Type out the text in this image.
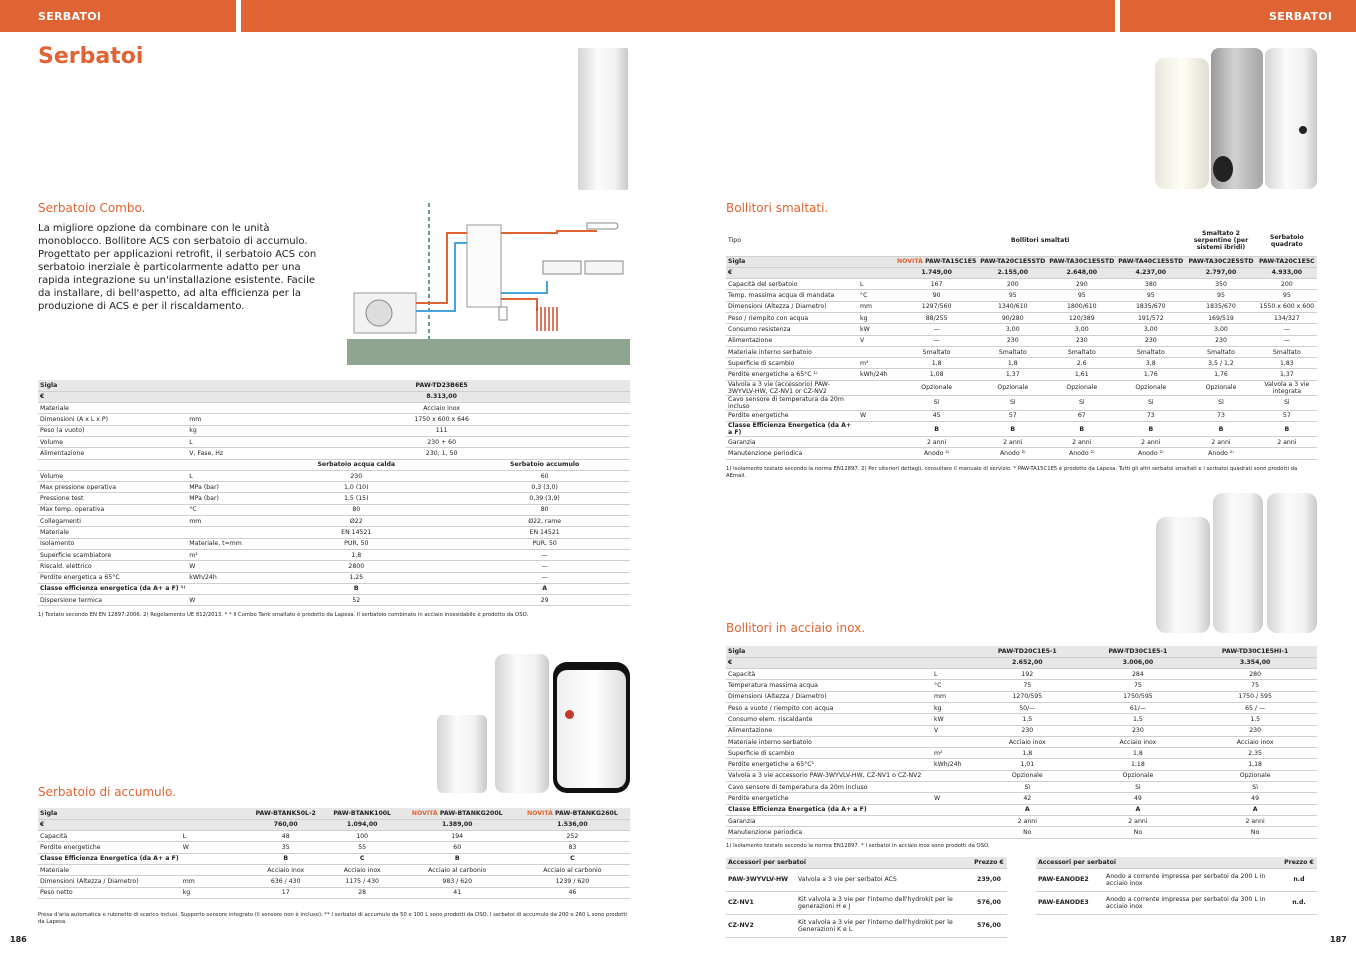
SERBATOI	SERBATOI
Serbatoi
Serbatoio Combo.
La migliore opzione da combinare con le unità monoblocco. Bollitore ACS con serbatoio di accumulo. Progettato per applicazioni retrofit, il serbatoio ACS con serbatoio inerziale è particolarmente adatto per una rapida integrazione su un'installazione esistente. Facile da installare, di bell'aspetto, ad alta efficienza per la produzione di ACS e per il riscaldamento.
Sigla		PAW-TD23B6E5	
€		8.313,00	
Materiale		Acciaio inox	
Dimensioni (A x L x P)	mm	1750 x 600 x 646	
Peso (a vuoto)	kg	111	
Volume	L	230 + 60	
Alimentazione	V, Fase, Hz	230, 1, 50	
		Serbatoio acqua calda	Serbatoio accumulo
Volume	L	230	60
Max pressione operativa	MPa (bar)	1,0 (10)	0,3 (3,0)
Pressione test	MPa (bar)	1,5 (15)	0,39 (3,9)
Max temp. operativa	°C	80	80
Collegamenti	mm	Ø22	Ø22, rame
Materiale		EN 14521	EN 14521
Isolamento	Materiale, t=mm	PUR, 50	PUR, 50
Superficie scambiatore	m²	1,8	—
Riscald. elettrico	W	2800	—
Perdite energetica a 65°C	kWh/24h	1,25	—
Classe efficienza energetica (da A+ a F) ¹⁾		B	A
Dispersione termica	W	52	29
1) Testato secondo EN EN 12897:2006. 2) Regolamento UE 812/2013. * * Il Combo Tank smaltato è prodotto da Lapesa. Il serbatoio combinato in acciaio inossidabile è prodotto da OSO.
Serbatoio di accumulo.
Sigla		PAW-BTANK50L-2	PAW-BTANK100L	NOVITÀ PAW-BTANKG200L	NOVITÀ PAW-BTANKG260L
€		760,00	1.094,00	1.389,00	1.536,00
Capacità	L	48	100	194	252
Perdite energetiche	W	35	55	60	83
Classe Efficienza Energetica (da A+ a F)		B	C	B	C
Materiale		Acciaio inox	Acciaio inox	Acciaio al carbonio	Acciaio al carbonio
Dimensioni (Altezza / Diametro)	mm	636 / 430	1175 / 430	983 / 620	1239 / 620
Peso netto	kg	17	28	41	46
Presa d'aria automatica e rubinetto di scarico inclusi. Supporto sensore integrato (il sensore non è incluso). ** I serbatoi di accumulo da 50 e 100 L sono prodotti da OSO. I serbatoi di accumulo da 200 e 260 L sono prodotti da Lapesa.
186
Bollitori smaltati.
Tipo		Bollitori smaltati				Smaltato 2 serpentine (per sistemi ibridi)	Serbatoio quadrato
Sigla		NOVITÀ PAW-TA15C1E5	PAW-TA20C1E5STD	PAW-TA30C1E5STD	PAW-TA40C1E5STD	PAW-TA30C2E5STD	PAW-TA20C1E5C
€		1.749,00	2.155,00	2.648,00	4.237,00	2.797,00	4.933,00
Capacità del serbatoio	L	167	200	290	380	350	200
Temp. massima acqua di mandata	°C	90	95	95	95	95	95
Dimensioni (Altezza / Diametro)	mm	1297/560	1340/610	1800/610	1835/670	1835/670	1550 x 600 x 600
Peso / riempito con acqua	kg	88/255	90/280	120/389	191/572	169/519	134/327
Consumo resistenza	kW	—	3,00	3,00	3,00	3,00	—
Alimentazione	V	—	230	230	230	230	—
Materiale interno serbatoio		Smaltato	Smaltato	Smaltato	Smaltato	Smaltato	Smaltato
Superficie di scambio	m²	1,8	1,8	2,6	3,8	3,5 / 1,2	1,83
Perdite energetiche a 65°C ¹⁾	kWh/24h	1,08	1,37	1,61	1,76	1,76	1,37
Valvola a 3 vie (accessorio) PAW-3WYVLV-HW, CZ-NV1 or CZ-NV2		Opzionale	Opzionale	Opzionale	Opzionale	Opzionale	Valvola a 3 vie integrata
Cavo sensore di temperatura da 20m incluso		Sì	Sì	Sì	Sì	Sì	Sì
Perdite energetiche	W	45	57	67	73	73	57
Classe Efficienza Energetica (da A+ a F)		B	B	B	B	B	B
Garanzia		2 anni	2 anni	2 anni	2 anni	2 anni	2 anni
Manutenzione periodica		Anodo ²⁾	Anodo ²⁾	Anodo ²⁾	Anodo ²⁾	Anodo ²⁾	
1) Isolamento testato secondo la norma EN12897. 2) Per ulteriori dettagli, consultare il manuale di servizio. * PAW-TA15C1E5 è prodotto da Lapesa. Tutti gli altri serbatoi smaltati e i serbatoi quadrati sono prodotti da AEmail.
Bollitori in acciaio inox.
Sigla		PAW-TD20C1E5-1	PAW-TD30C1E5-1	PAW-TD30C1E5HI-1
€		2.652,00	3.006,00	3.354,00
Capacità	L	192	284	280
Temperatura massima acqua	°C	75	75	75
Dimensioni (Altezza / Diametro)	mm	1270/595	1750/595	1750 / 595
Peso a vuoto / riempito con acqua	kg	50/—	61/—	65 / —
Consumo elem. riscaldante	kW	1,5	1,5	1,5
Alimentazione	V	230	230	230
Materiale interno serbatoio		Acciaio inox	Acciaio inox	Acciaio inox
Superficie di scambio	m²	1,8	1,8	2,35
Perdite energetiche a 65°C¹	kWh/24h	1,01	1,18	1,18
Valvola a 3 vie accessorio PAW-3WYVLV-HW, CZ-NV1 o CZ-NV2		Opzionale	Opzionale	Opzionale
Cavo sensore di temperatura da 20m incluso		Sì	Sì	Sì
Perdite energetiche	W	42	49	49
Classe Efficienza Energetica (da A+ a F)		A	A	A
Garanzia		2 anni	2 anni	2 anni
Manutenzione periodica		No	No	No
1) Isolamento testato secondo la norma EN12897. * I serbatoi in acciaio inox sono prodotti da OSO.
Accessori per serbatoi		Prezzo €
PAW-3WYVLV-HW	Valvola a 3 vie per serbatoi ACS	239,00
CZ-NV1	Kit valvola a 3 vie per l'interno dell'hydrokit per le generazioni H e J	576,00
CZ-NV2	Kit valvola a 3 vie per l'interno dell'hydrokit per le Generazioni K e L	576,00
Accessori per serbatoi		Prezzo €
PAW-EANODE2	Anodo a corrente impressa per serbatoi da 200 L in acciaio inox	n.d
PAW-EANODE3	Anodo a corrente impressa per serbatoi da 300 L in acciaio inox	n.d.
187
